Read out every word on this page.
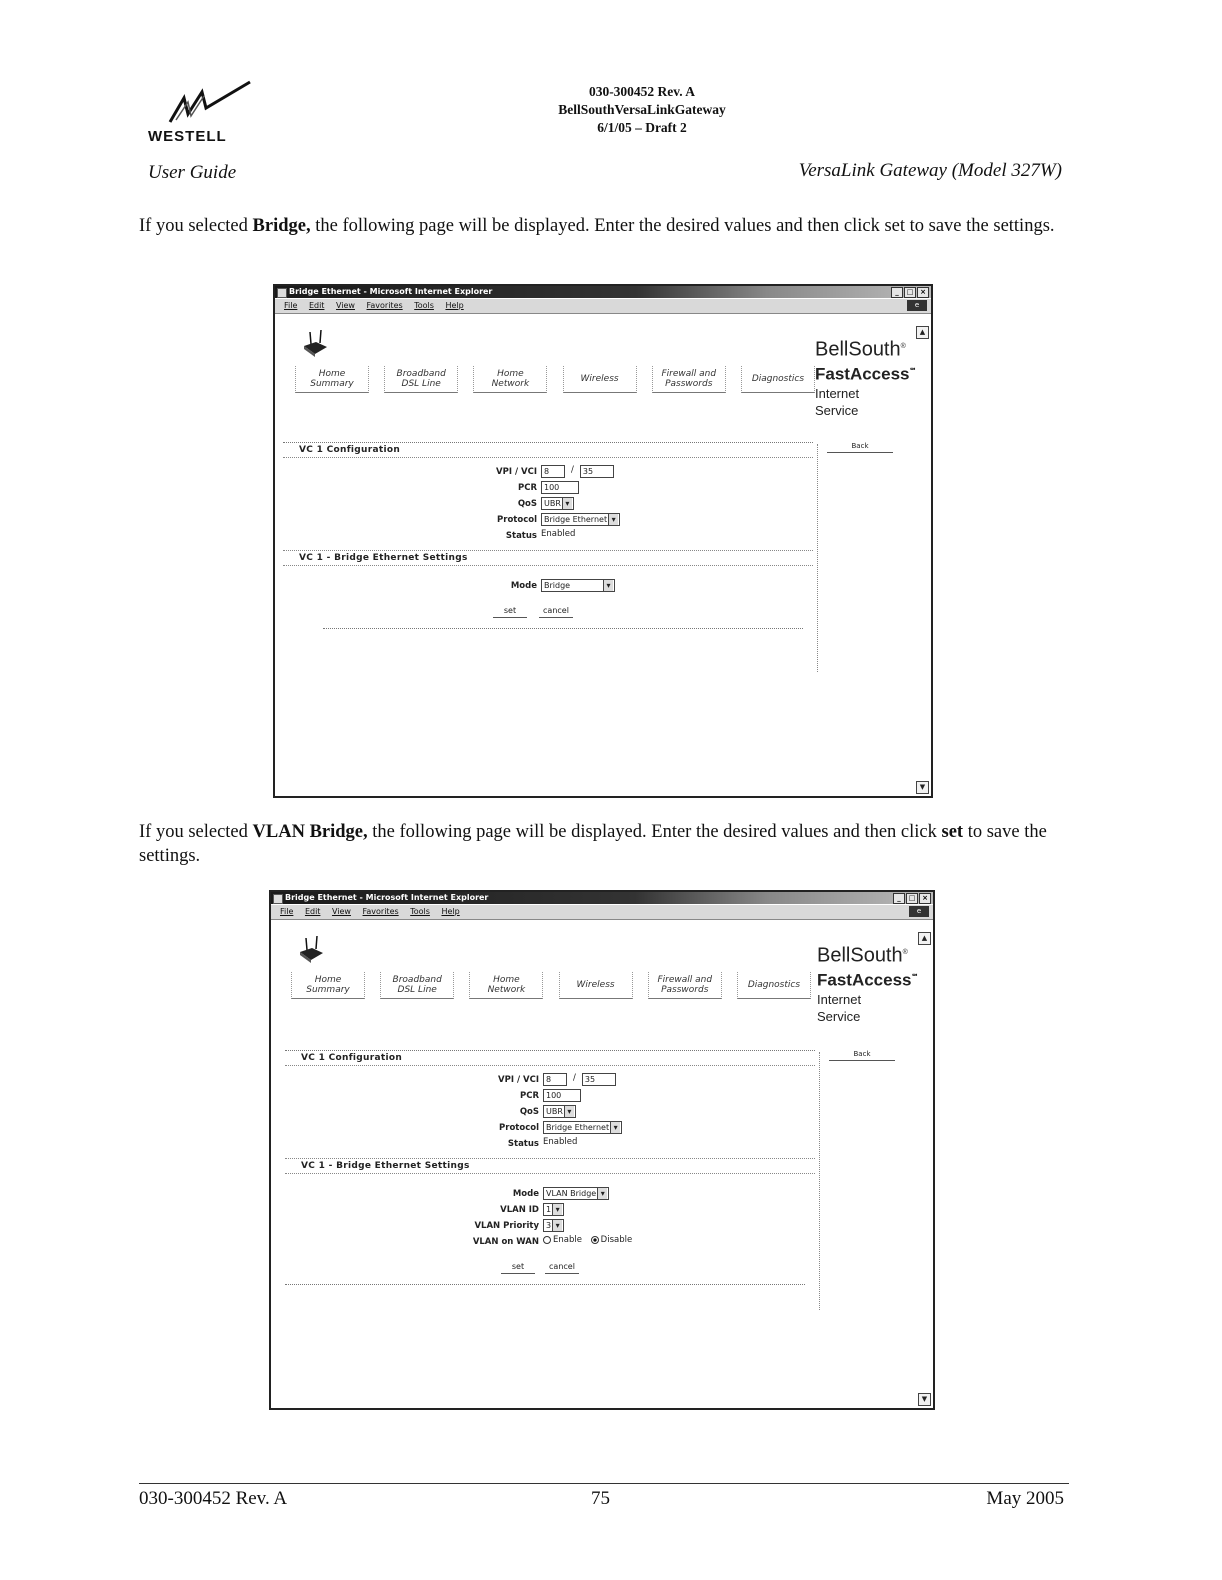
WESTELL
030-300452 Rev. A
BellSouthVersaLinkGateway
6/1/05 – Draft 2
User Guide	VersaLink Gateway (Model 327W)
If you selected Bridge, the following page will be displayed. Enter the desired values and then click set to save the settings.
Bridge Ethernet - Microsoft Internet Explorer	_	□ ×
File Edit View Favorites Tools Help	e
▲
▼
Home
Summary
Broadband
DSL Line
Home
Network	Wireless	Firewall and
Passwords	Diagnostics
BellSouth®
FastAccess℠
Internet Service
Back
VC 1 Configuration
VPI / VCI 8	/ 35
PCR 100
QoS UBR ▾
Protocol Bridge Ethernet ▾
Status Enabled
VC 1 - Bridge Ethernet Settings
Mode Bridge ▾
set	cancel
If you selected VLAN Bridge, the following page will be displayed. Enter the desired values and then click set to save the settings.
Bridge Ethernet - Microsoft Internet Explorer	_	□ ×
File Edit View Favorites Tools Help	e
▲
▼
Home
Summary
Broadband
DSL Line
Home
Network	Wireless	Firewall and
Passwords	Diagnostics
BellSouth®
FastAccess℠
Internet Service
Back
VC 1 Configuration
VPI / VCI 8	/ 35
PCR 100
QoS UBR ▾
Protocol Bridge Ethernet ▾
Status Enabled
VC 1 - Bridge Ethernet Settings
Mode VLAN Bridge ▾
VLAN ID 1 ▾
VLAN Priority 3 ▾
VLAN on WAN	Enable Disable
set	cancel
030-300452 Rev. A	75	May 2005
